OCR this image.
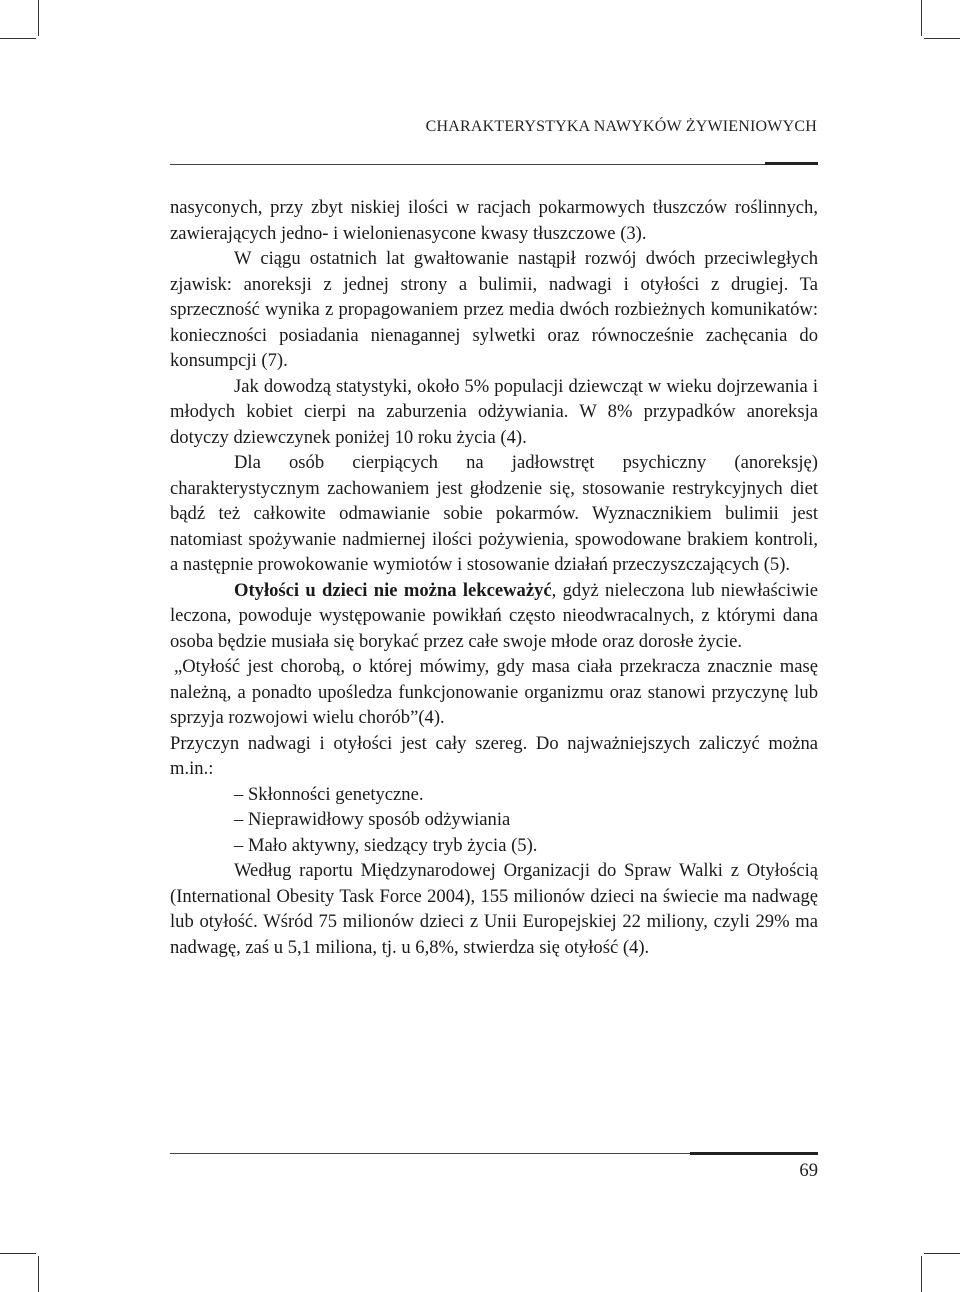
CHARAKTERYSTYKA NAWYKÓW ŻYWIENIOWYCH

nasyconych, przy zbyt niskiej ilości w racjach pokarmowych tłuszczów roślinnych, zawierających jedno- i wielonienasycone kwasy tłuszczowe (3).

W ciągu ostatnich lat gwałtowanie nastąpił rozwój dwóch przeciwległych zjawisk: anoreksji z jednej strony a bulimii, nadwagi i otyłości z drugiej. Ta sprzeczność wynika z propagowaniem przez media dwóch rozbieżnych komunikatów: konieczności posiadania nienagannej sylwetki oraz równocześnie zachęcania do konsumpcji (7).

Jak dowodzą statystyki, około 5% populacji dziewcząt w wieku dojrzewania i młodych kobiet cierpi na zaburzenia odżywiania. W 8% przypadków anoreksja dotyczy dziewczynek poniżej 10 roku życia (4).

Dla osób cierpiących na jadłowstręt psychiczny (anoreksję) charakterystycznym zachowaniem jest głodzenie się, stosowanie restrykcyjnych diet bądź też całkowite odmawianie sobie pokarmów. Wyznacznikiem bulimii jest natomiast spożywanie nadmiernej ilości pożywienia, spowodowane brakiem kontroli, a następnie prowokowanie wymiotów i stosowanie działań przeczyszczających (5).

Otyłości u dzieci nie można lekceważyć, gdyż nieleczona lub niewłaściwie leczona, powoduje występowanie powikłań często nieodwracalnych, z którymi dana osoba będzie musiała się borykać przez całe swoje młode oraz dorosłe życie.

„Otyłość jest chorobą, o której mówimy, gdy masa ciała przekracza znacznie masę należną, a ponadto upośledza funkcjonowanie organizmu oraz stanowi przyczynę lub sprzyja rozwojowi wielu chorób”(4).

Przyczyn nadwagi i otyłości jest cały szereg. Do najważniejszych zaliczyć można m.in.:

– Skłonności genetyczne.

– Nieprawidłowy sposób odżywiania

– Mało aktywny, siedzący tryb życia (5).

Według raportu Międzynarodowej Organizacji do Spraw Walki z Otyłością (International Obesity Task Force 2004), 155 milionów dzieci na świecie ma nadwagę lub otyłość. Wśród 75 milionów dzieci z Unii Europejskiej 22 miliony, czyli 29% ma nadwagę, zaś u 5,1 miliona, tj. u 6,8%, stwierdza się otyłość (4).

69
